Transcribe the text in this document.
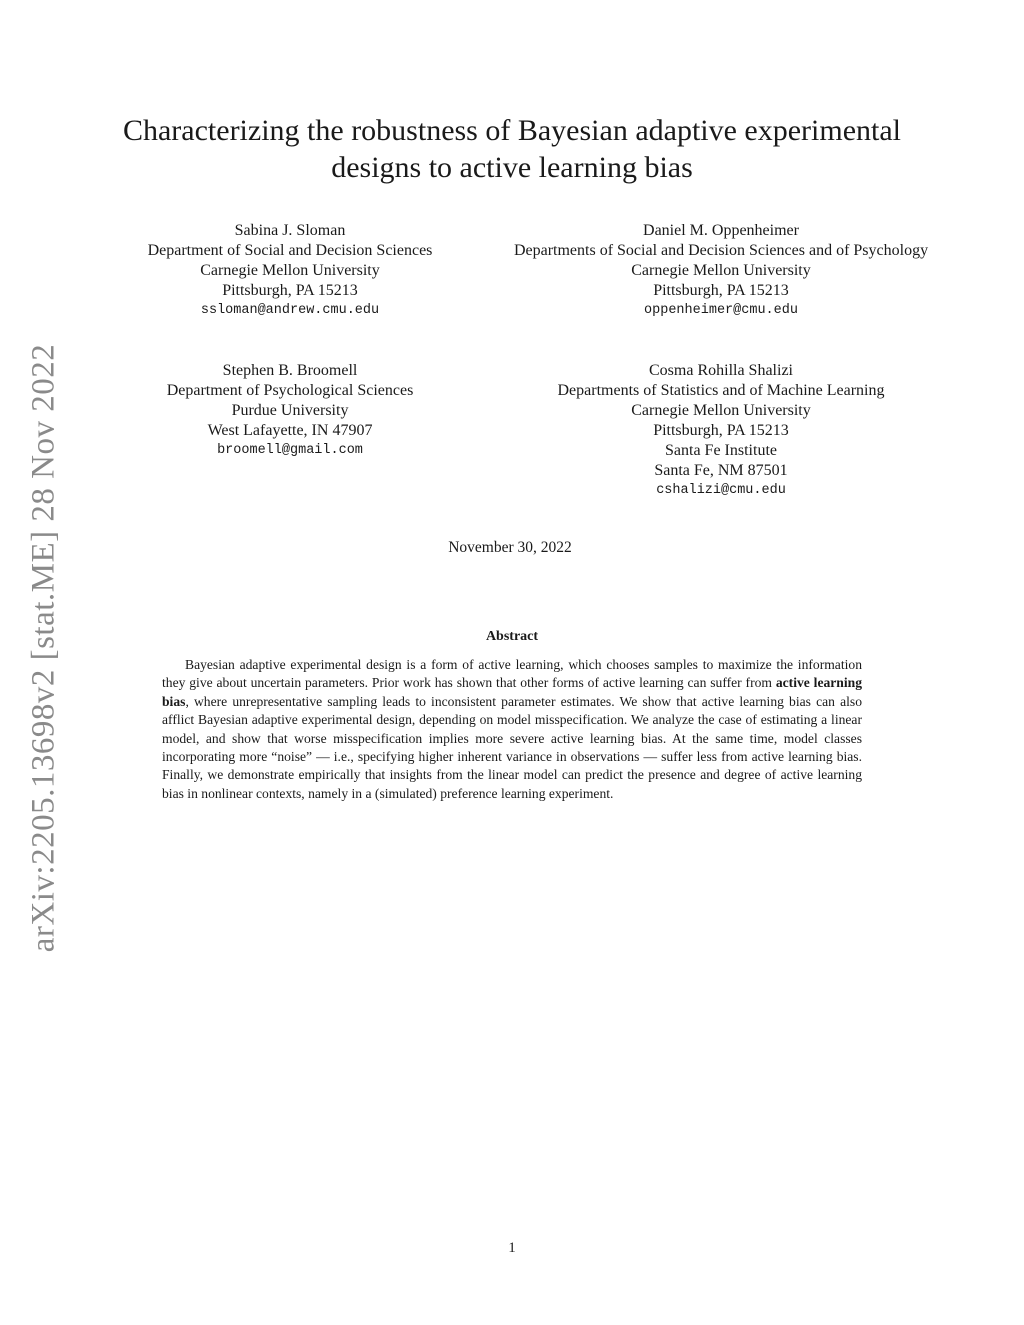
arXiv:2205.13698v2 [stat.ME] 28 Nov 2022
Characterizing the robustness of Bayesian adaptive experimental designs to active learning bias
Sabina J. Sloman
Department of Social and Decision Sciences
Carnegie Mellon University
Pittsburgh, PA 15213
ssloman@andrew.cmu.edu
Daniel M. Oppenheimer
Departments of Social and Decision Sciences and of Psychology
Carnegie Mellon University
Pittsburgh, PA 15213
oppenheimer@cmu.edu
Stephen B. Broomell
Department of Psychological Sciences
Purdue University
West Lafayette, IN 47907
broomell@gmail.com
Cosma Rohilla Shalizi
Departments of Statistics and of Machine Learning
Carnegie Mellon University
Pittsburgh, PA 15213
Santa Fe Institute
Santa Fe, NM 87501
cshalizi@cmu.edu
November 30, 2022
Abstract

Bayesian adaptive experimental design is a form of active learning, which chooses samples to maximize the information they give about uncertain parameters. Prior work has shown that other forms of active learning can suffer from active learning bias, where unrepresentative sampling leads to inconsistent parameter estimates. We show that active learning bias can also afflict Bayesian adaptive experimental design, depending on model misspecification. We analyze the case of estimating a linear model, and show that worse misspecification implies more severe active learning bias. At the same time, model classes incorporating more “noise” — i.e., specifying higher inherent variance in observations — suffer less from active learning bias. Finally, we demonstrate empirically that insights from the linear model can predict the presence and degree of active learning bias in nonlinear contexts, namely in a (simulated) preference learning experiment.

1
